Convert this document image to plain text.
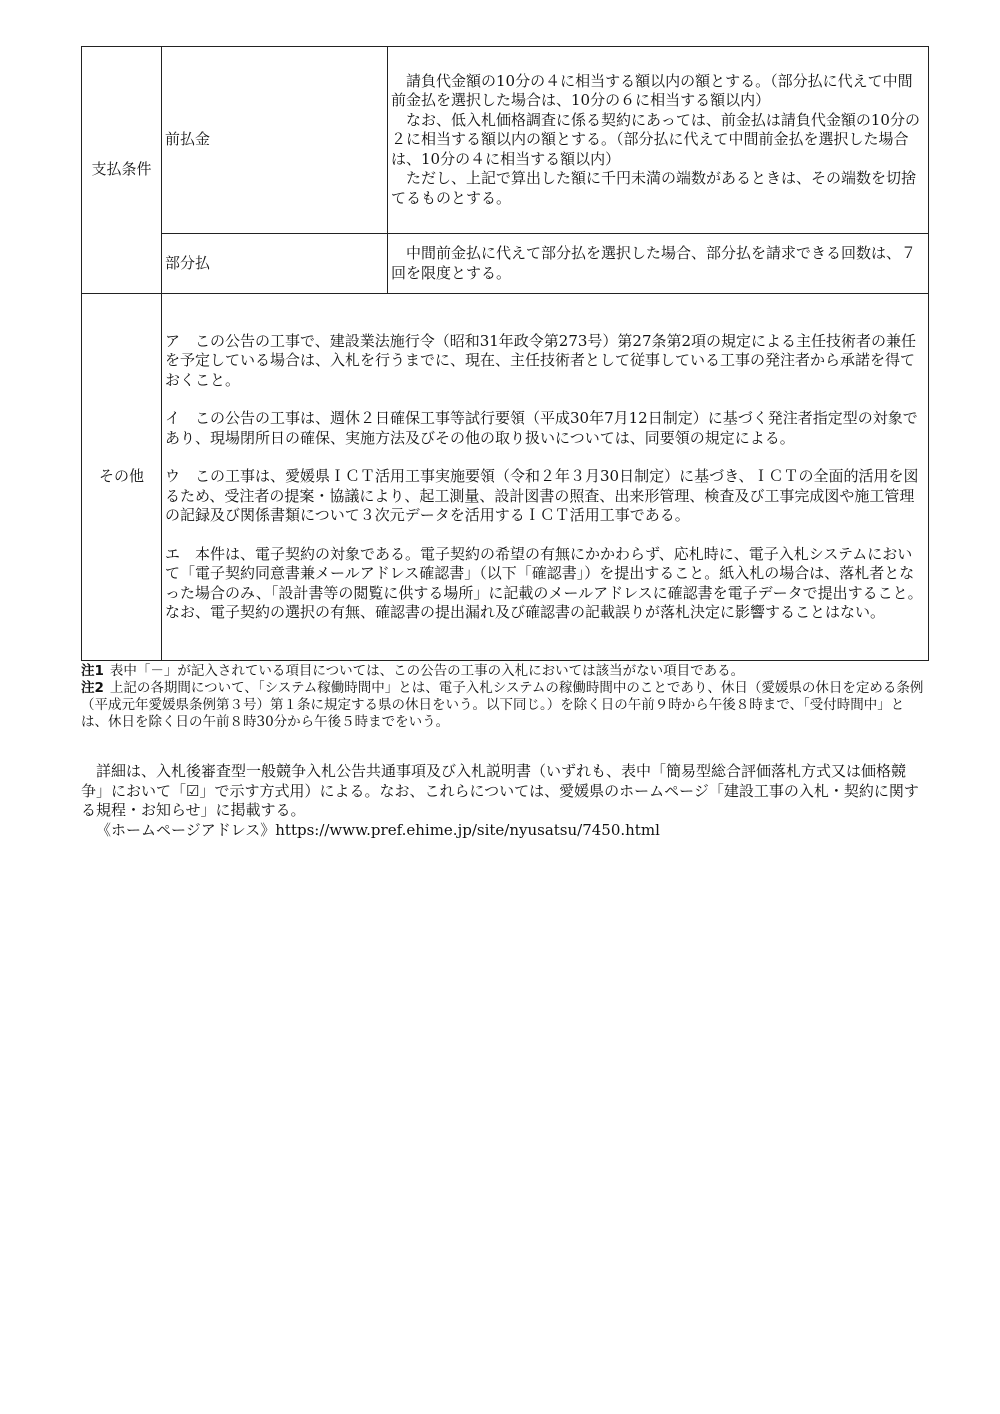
支払条件	前払金	請負代金額の10分の４に相当する額以内の額とする。（部分払に代えて中間前金払を選択した場合は、10分の６に相当する額以内）

なお、低入札価格調査に係る契約にあっては、前金払は請負代金額の10分の２に相当する額以内の額とする。（部分払に代えて中間前金払を選択した場合は、10分の４に相当する額以内）

ただし、上記で算出した額に千円未満の端数があるときは、その端数を切捨てるものとする。

	部分払	中間前金払に代えて部分払を選択した場合、部分払を請求できる回数は、７回を限度とする。

その他	ア　この公告の工事で、建設業法施行令（昭和31年政令第273号）第27条第2項の規定による主任技術者の兼任を予定している場合は、入札を行うまでに、現在、主任技術者として従事している工事の発注者から承諾を得ておくこと。

イ　この公告の工事は、週休２日確保工事等試行要領（平成30年7月12日制定）に基づく発注者指定型の対象であり、現場閉所日の確保、実施方法及びその他の取り扱いについては、同要領の規定による。

ウ　この工事は、愛媛県ＩＣＴ活用工事実施要領（令和２年３月30日制定）に基づき、ＩＣＴの全面的活用を図るため、受注者の提案・協議により、起工測量、設計図書の照査、出来形管理、検査及び工事完成図や施工管理の記録及び関係書類について３次元データを活用するＩＣＴ活用工事である。

エ　本件は、電子契約の対象である。電子契約の希望の有無にかかわらず、応札時に、電子入札システムにおいて「電子契約同意書兼メールアドレス確認書」（以下「確認書」）を提出すること。紙入札の場合は、落札者となった場合のみ、「設計書等の閲覧に供する場所」に記載のメールアドレスに確認書を電子データで提出すること。なお、電子契約の選択の有無、確認書の提出漏れ及び確認書の記載誤りが落札決定に影響することはない。	

注1 表中「－」が記入されている項目については、この公告の工事の入札においては該当がない項目である。

注2 上記の各期間について、「システム稼働時間中」とは、電子入札システムの稼働時間中のことであり、休日（愛媛県の休日を定める条例（平成元年愛媛県条例第３号）第１条に規定する県の休日をいう。以下同じ。）を除く日の午前９時から午後８時まで、「受付時間中」とは、休日を除く日の午前８時30分から午後５時までをいう。

詳細は、入札後審査型一般競争入札公告共通事項及び入札説明書（いずれも、表中「簡易型総合評価落札方式又は価格競争」において「☑」で示す方式用）による。なお、これらについては、愛媛県のホームページ「建設工事の入札・契約に関する規程・お知らせ」に掲載する。

《ホームページアドレス》https://www.pref.ehime.jp/site/nyusatsu/7450.html
